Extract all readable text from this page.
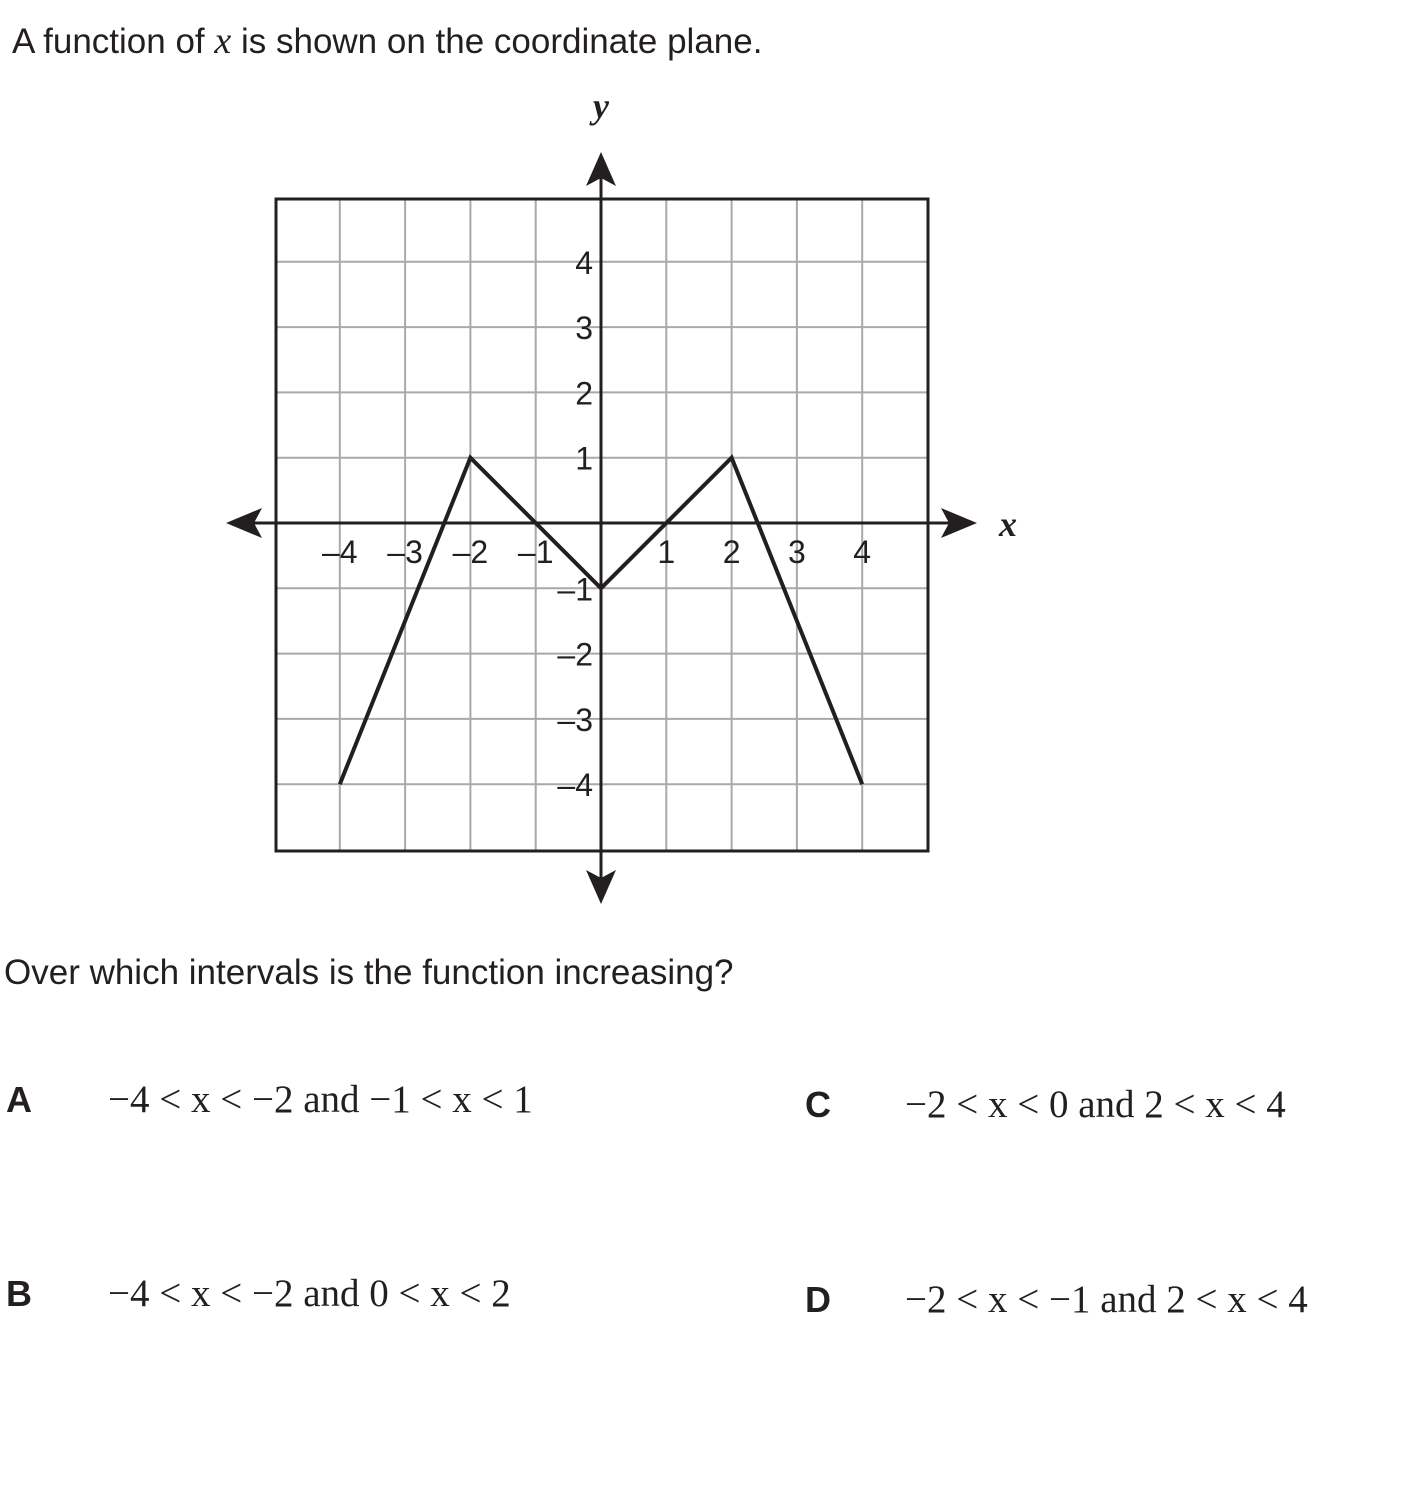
A function of x is shown on the coordinate plane.
–4 –3 –2 –1	1 2 3 4
4
3
2
1
–1
–2
–3
–4
x
y
Over which intervals is the function increasing?
A −4 < x < −2 and −1 < x < 1
B −4 < x < −2 and 0 < x < 2
C −2 < x < 0 and 2 < x < 4
D −2 < x < −1 and 2 < x < 4
